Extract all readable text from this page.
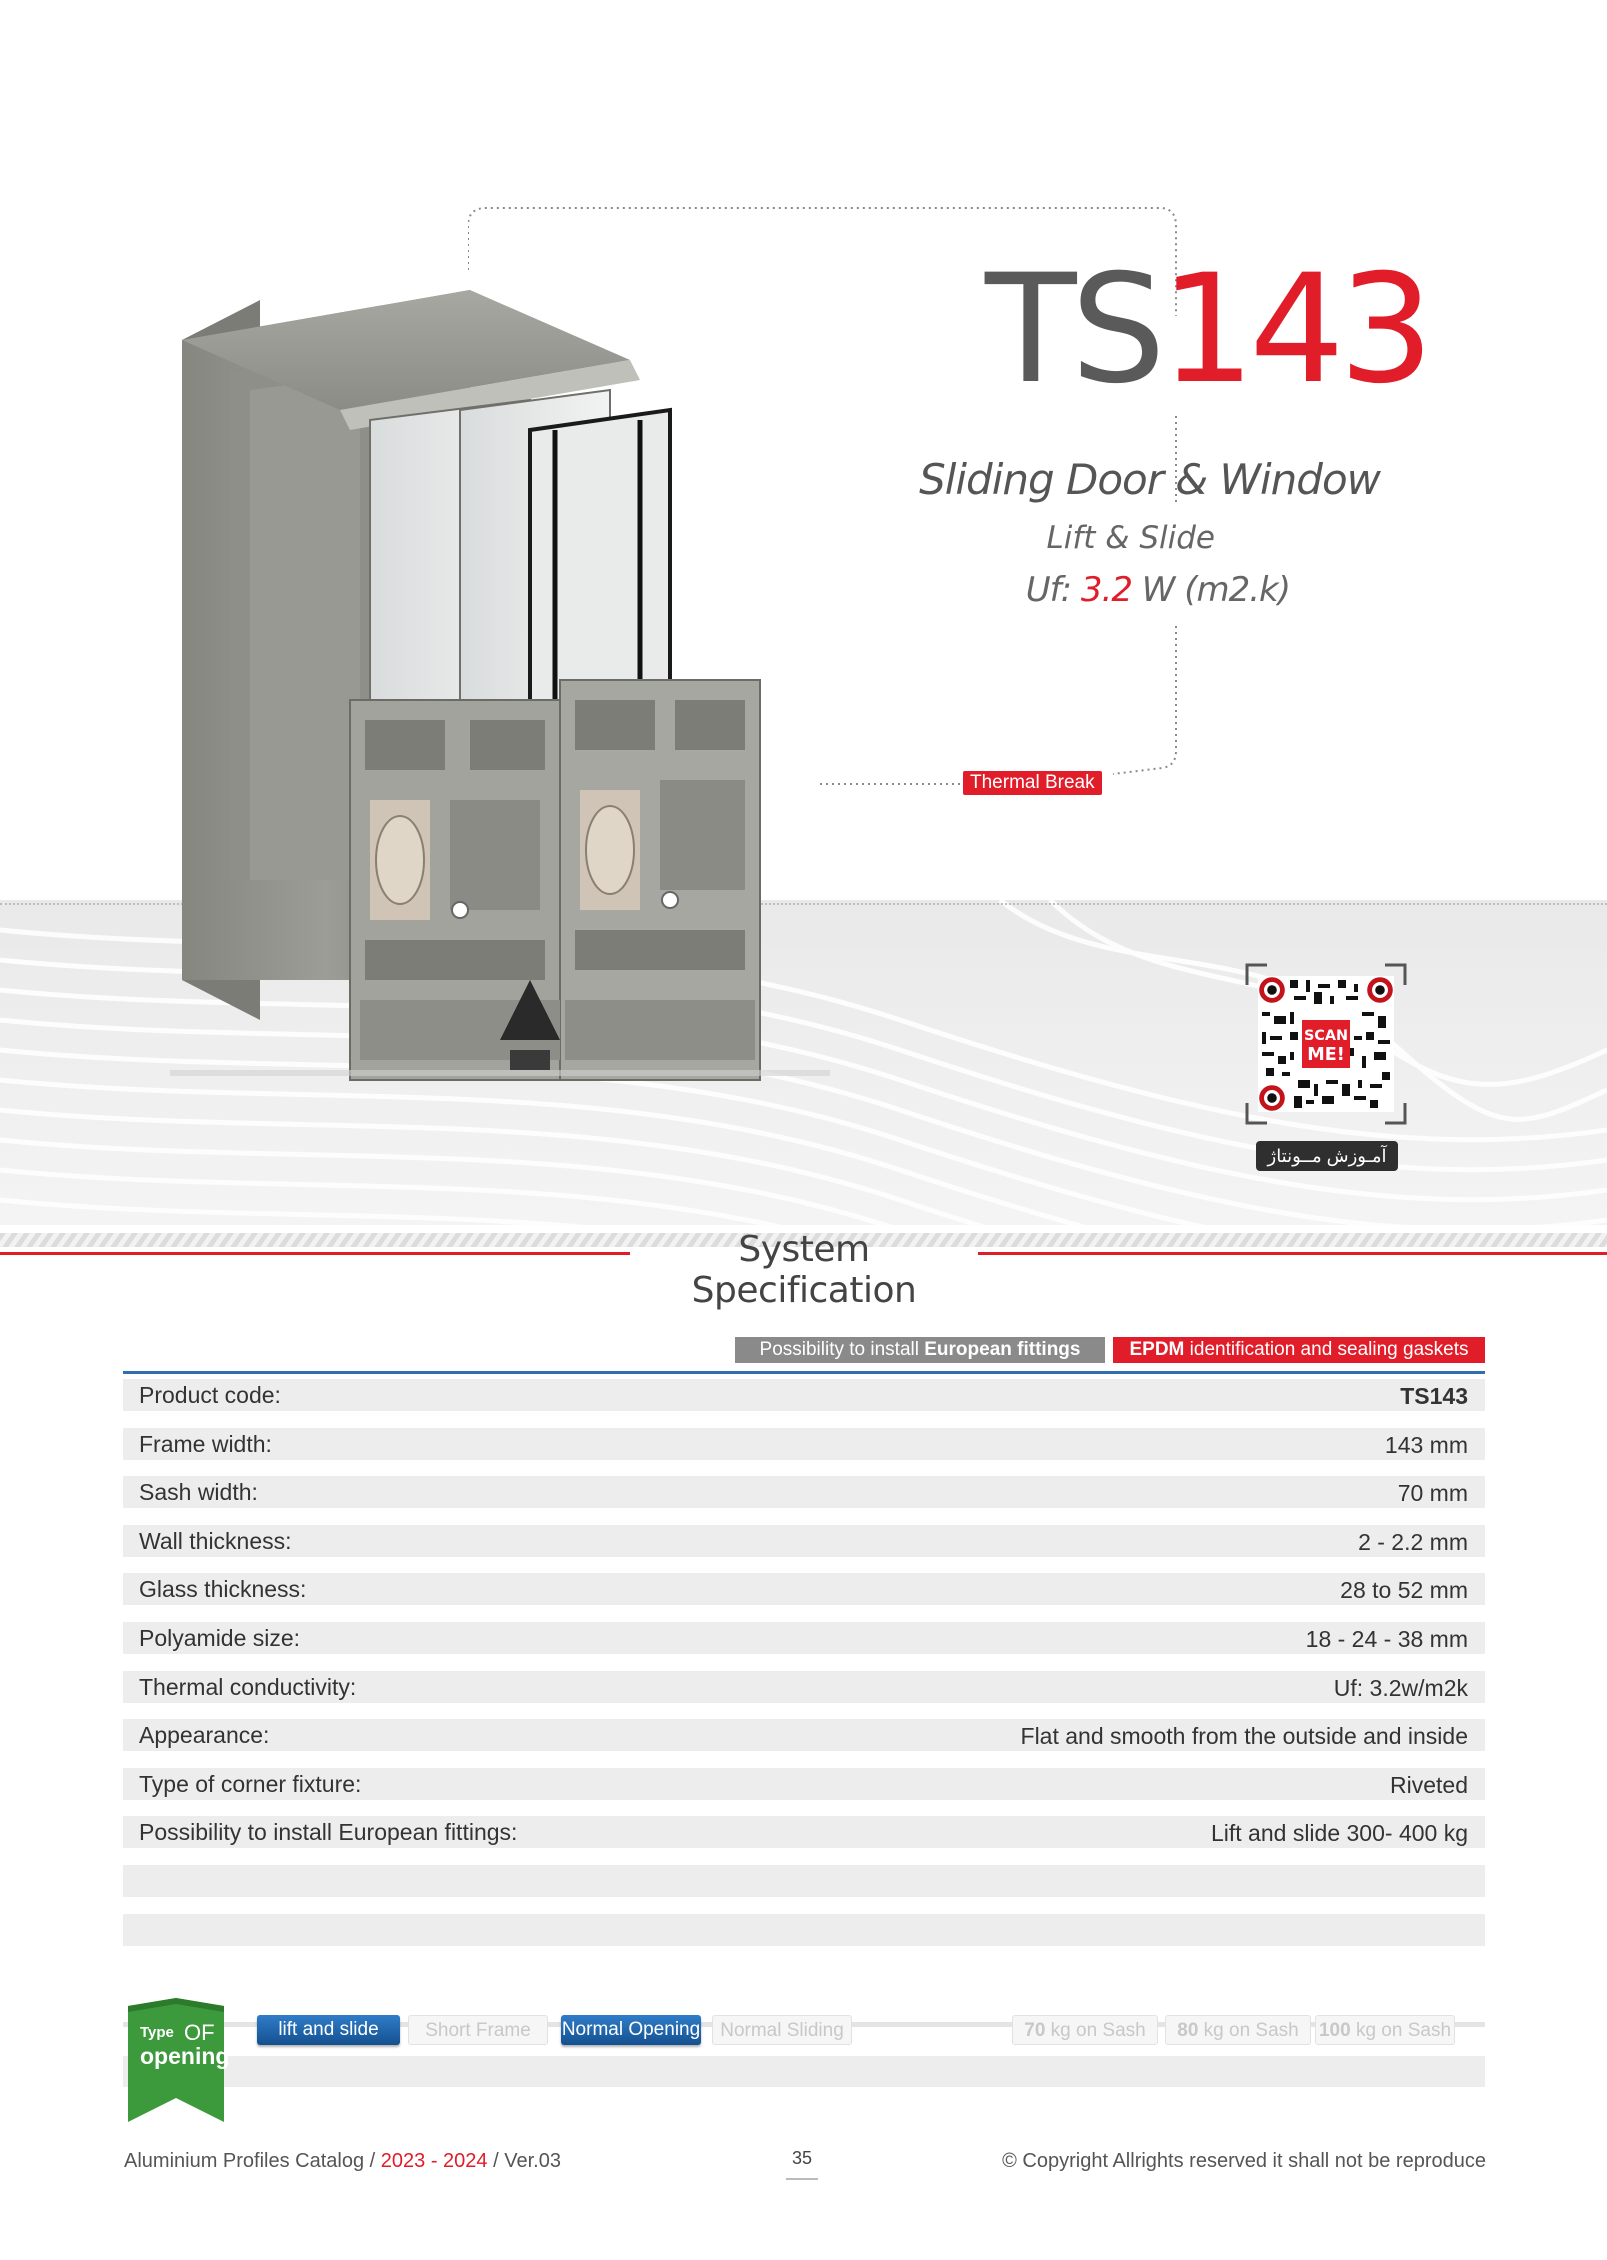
TS143
Sliding Door & Window
Lift & Slide
Uf: 3.2 W (m2.k)
Thermal Break
SCAN
ME!
آمـوزش مــونتاژ
System Specification
Possibility to install European fittings	EPDM identification and sealing gaskets
Product code:	TS143
Frame width:	143 mm
Sash width:	70 mm
Wall thickness:	2 - 2.2 mm
Glass thickness:	28 to 52 mm
Polyamide size:	18 - 24 - 38 mm
Thermal conductivity:	Uf: 3.2w/m2k
Appearance:	Flat and smooth from the outside and inside
Type of corner fixture:	Riveted
Possibility to install European fittings:	Lift and slide 300- 400 kg
Type OF
opening
lift and slide	Short Frame	Normal Opening	Normal Sliding	70 kg on Sash	80 kg on Sash	100 kg on Sash
Aluminium Profiles Catalog / 2023 - 2024 / Ver.03	35	© Copyright Allrights reserved it shall not be reproduce
